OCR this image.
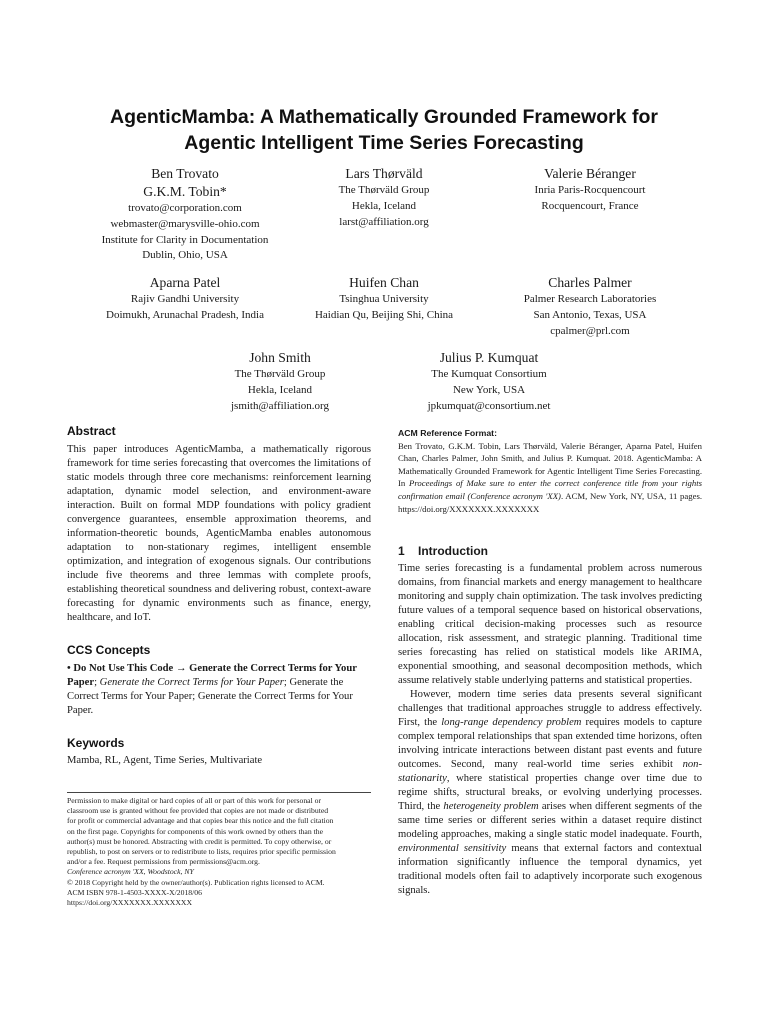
AgenticMamba: A Mathematically Grounded Framework for
Agentic Intelligent Time Series Forecasting
Ben Trovato
G.K.M. Tobin*
trovato@corporation.com
webmaster@marysville-ohio.com
Institute for Clarity in Documentation
Dublin, Ohio, USA
Lars Thørväld
The Thørväld Group
Hekla, Iceland
larst@affiliation.org
Valerie Béranger
Inria Paris-Rocquencourt
Rocquencourt, France
Aparna Patel
Rajiv Gandhi University
Doimukh, Arunachal Pradesh, India
Huifen Chan
Tsinghua University
Haidian Qu, Beijing Shi, China
Charles Palmer
Palmer Research Laboratories
San Antonio, Texas, USA
cpalmer@prl.com
John Smith
The Thørväld Group
Hekla, Iceland
jsmith@affiliation.org
Julius P. Kumquat
The Kumquat Consortium
New York, USA
jpkumquat@consortium.net
Abstract

This paper introduces AgenticMamba, a mathematically rigorous framework for time series forecasting that overcomes the limitations of static models through three core mechanisms: reinforcement learning adaptation, dynamic model selection, and environment-aware interaction. Built on formal MDP foundations with policy gradient convergence guarantees, ensemble approximation theorems, and information-theoretic bounds, AgenticMamba enables autonomous adaptation to non-stationary regimes, intelligent ensemble optimization, and integration of exogenous signals. Our contributions include five theorems and three lemmas with complete proofs, establishing theoretical soundness and delivering robust, context-aware forecasting for dynamic environments such as finance, energy, healthcare, and IoT.

CCS Concepts

• Do Not Use This Code → Generate the Correct Terms for Your Paper; Generate the Correct Terms for Your Paper; Generate the Correct Terms for Your Paper; Generate the Correct Terms for Your Paper.

Keywords

Mamba, RL, Agent, Time Series, Multivariate

Permission to make digital or hard copies of all or part of this work for personal or
classroom use is granted without fee provided that copies are not made or distributed
for profit or commercial advantage and that copies bear this notice and the full citation
on the first page. Copyrights for components of this work owned by others than the
author(s) must be honored. Abstracting with credit is permitted. To copy otherwise, or
republish, to post on servers or to redistribute to lists, requires prior specific permission
and/or a fee. Request permissions from permissions@acm.org.
Conference acronym 'XX, Woodstock, NY
© 2018 Copyright held by the owner/author(s). Publication rights licensed to ACM.
ACM ISBN 978-1-4503-XXXX-X/2018/06
https://doi.org/XXXXXXX.XXXXXXX
ACM Reference Format:

Ben Trovato, G.K.M. Tobin, Lars Thørväld, Valerie Béranger, Aparna Patel, Huifen Chan, Charles Palmer, John Smith, and Julius P. Kumquat. 2018. AgenticMamba: A Mathematically Grounded Framework for Agentic Intelligent Time Series Forecasting. In Proceedings of Make sure to enter the correct conference title from your rights confirmation email (Conference acronym 'XX). ACM, New York, NY, USA, 11 pages. https://doi.org/XXXXXXX.XXXXXXX

1 Introduction

Time series forecasting is a fundamental problem across numerous domains, from financial markets and energy management to healthcare monitoring and supply chain optimization. The task involves predicting future values of a temporal sequence based on historical observations, enabling critical decision-making processes such as resource allocation, risk assessment, and strategic planning. Traditional time series forecasting has relied on statistical models like ARIMA, exponential smoothing, and seasonal decomposition methods, which assume relatively stable underlying patterns and statistical properties.

However, modern time series data presents several significant challenges that traditional approaches struggle to address effectively. First, the long-range dependency problem requires models to capture complex temporal relationships that span extended time horizons, often involving intricate interactions between distant past events and future outcomes. Second, many real-world time series exhibit non-stationarity, where statistical properties change over time due to regime shifts, structural breaks, or evolving underlying processes. Third, the heterogeneity problem arises when different segments of the same time series or different series within a dataset require distinct modeling approaches, making a single static model inadequate. Fourth, environmental sensitivity means that external factors and contextual information significantly influence the temporal dynamics, yet traditional models often fail to adaptively incorporate such exogenous signals.
